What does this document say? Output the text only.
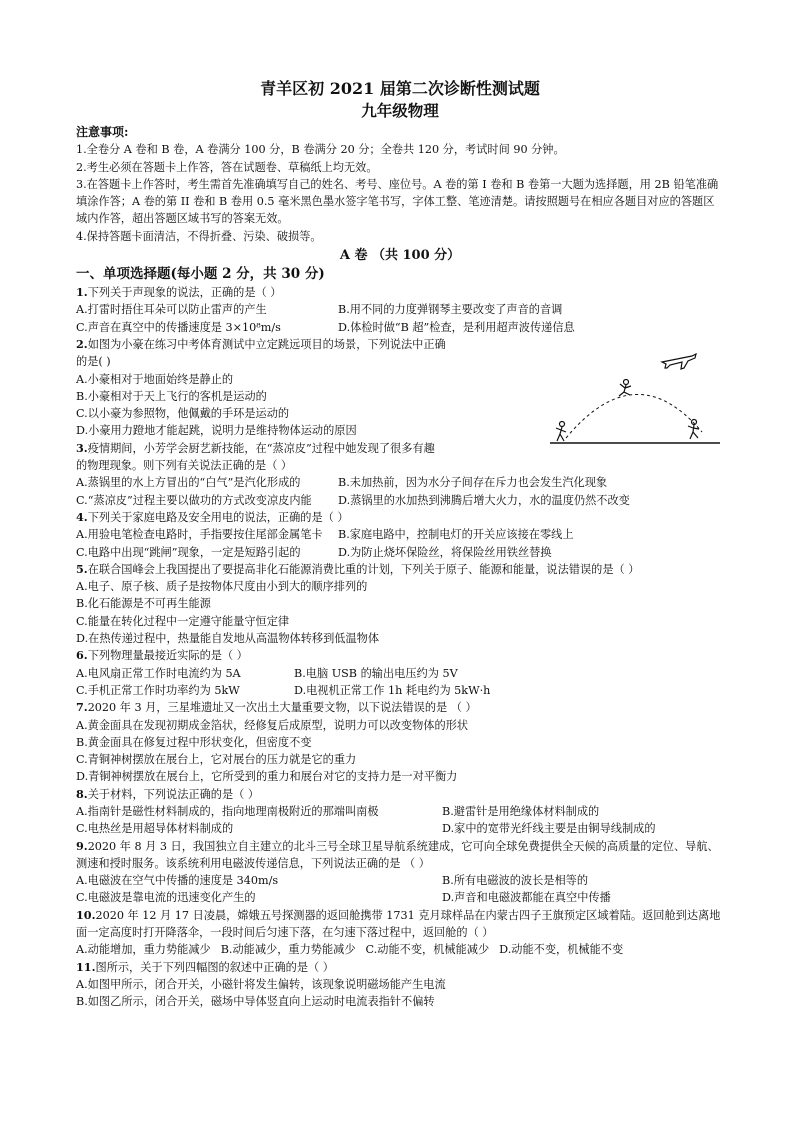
青羊区初 2021 届第二次诊断性测试题
九年级物理
注意事项:
1.全卷分 A 卷和 B 卷，A 卷满分 100 分，B 卷满分 20 分；全卷共 120 分，考试时间 90 分钟。
2.考生必须在答题卡上作答，答在试题卷、草稿纸上均无效。
3.在答题卡上作答时，考生需首先准确填写自己的姓名、考号、座位号。A 卷的第 I 卷和 B 卷第一大题为选择题，用 2B 铅笔准确填涂作答；A 卷的第 II 卷和 B 卷用 0.5 毫米黑色墨水签字笔书写，字体工整、笔迹清楚。请按照题号在相应各题目对应的答题区域内作答，超出答题区域书写的答案无效。
4.保持答题卡面清洁，不得折叠、污染、破损等。
A 卷 （共 100 分）
一、单项选择题(每小题 2 分，共 30 分)
1.下列关于声现象的说法，正确的是（ ）
A.打雷时捂住耳朵可以防止雷声的产生	B.用不同的力度弹钢琴主要改变了声音的音调
C.声音在真空中的传播速度是 3×10⁸m/s	D.体检时做“B 超”检查，是利用超声波传递信息
2.如图为小豪在练习中考体育测试中立定跳远项目的场景，下列说法中正确
的是( )
A.小豪相对于地面始终是静止的
B.小豪相对于天上飞行的客机是运动的
C.以小豪为参照物，他佩戴的手环是运动的
D.小豪用力蹬地才能起跳，说明力是维持物体运动的原因
3.疫情期间，小芳学会厨艺新技能，在“蒸凉皮”过程中她发现了很多有趣
的物理现象。则下列有关说法正确的是（ ）
A.蒸锅里的水上方冒出的“白气”是汽化形成的	B.未加热前，因为水分子间存在斥力也会发生汽化现象
C.“蒸凉皮”过程主要以做功的方式改变凉皮内能	D.蒸锅里的水加热到沸腾后增大火力，水的温度仍然不改变
4.下列关于家庭电路及安全用电的说法，正确的是（ ）
A.用验电笔检查电路时，手指要按住尾部金属笔卡	B.家庭电路中，控制电灯的开关应该接在零线上
C.电路中出现“跳闸”现象，一定是短路引起的	D.为防止烧坏保险丝，将保险丝用铁丝替换
5.在联合国峰会上我国提出了要提高非化石能源消费比重的计划，下列关于原子、能源和能量，说法错误的是（ ）
A.电子、原子核、质子是按物体尺度由小到大的顺序排列的
B.化石能源是不可再生能源
C.能量在转化过程中一定遵守能量守恒定律
D.在热传递过程中，热量能自发地从高温物体转移到低温物体
6.下列物理量最接近实际的是（ ）
A.电风扇正常工作时电流约为 5A	B.电脑 USB 的输出电压约为 5V
C.手机正常工作时功率约为 5kW	D.电视机正常工作 1h 耗电约为 5kW·h
7.2020 年 3 月，三星堆遗址又一次出土大量重要文物，以下说法错误的是 （ ）
A.黄金面具在发现初期成金箔状，经修复后成原型，说明力可以改变物体的形状
B.黄金面具在修复过程中形状变化，但密度不变
C.青铜神树摆放在展台上，它对展台的压力就是它的重力
D.青铜神树摆放在展台上，它所受到的重力和展台对它的支持力是一对平衡力
8.关于材料，下列说法正确的是（ ）
A.指南针是磁性材料制成的，指向地理南极附近的那端叫南极	B.避雷针是用绝缘体材料制成的
C.电热丝是用超导体材料制成的	D.家中的宽带光纤线主要是由铜导线制成的
9.2020 年 8 月 3 日，我国独立自主建立的北斗三号全球卫星导航系统建成，它可向全球免费提供全天候的高质量的定位、导航、测速和授时服务。该系统利用电磁波传递信息，下列说法正确的是 （ ）
A.电磁波在空气中传播的速度是 340m/s	B.所有电磁波的波长是相等的
C.电磁波是靠电流的迅速变化产生的	D.声音和电磁波都能在真空中传播
10.2020 年 12 月 17 日凌晨，嫦娥五号探测器的返回舱携带 1731 克月球样品在内蒙古四子王旗预定区域着陆。返回舱到达离地面一定高度时打开降落伞，一段时间后匀速下落，在匀速下落过程中，返回舱的（ ）
A.动能增加，重力势能减少 B.动能减少，重力势能减少 C.动能不变，机械能减少 D.动能不变，机械能不变
11.图所示，关于下列四幅图的叙述中正确的是（ ）
A.如图甲所示，闭合开关，小磁针将发生偏转，该现象说明磁场能产生电流
B.如图乙所示，闭合开关，磁场中导体竖直向上运动时电流表指针不偏转
